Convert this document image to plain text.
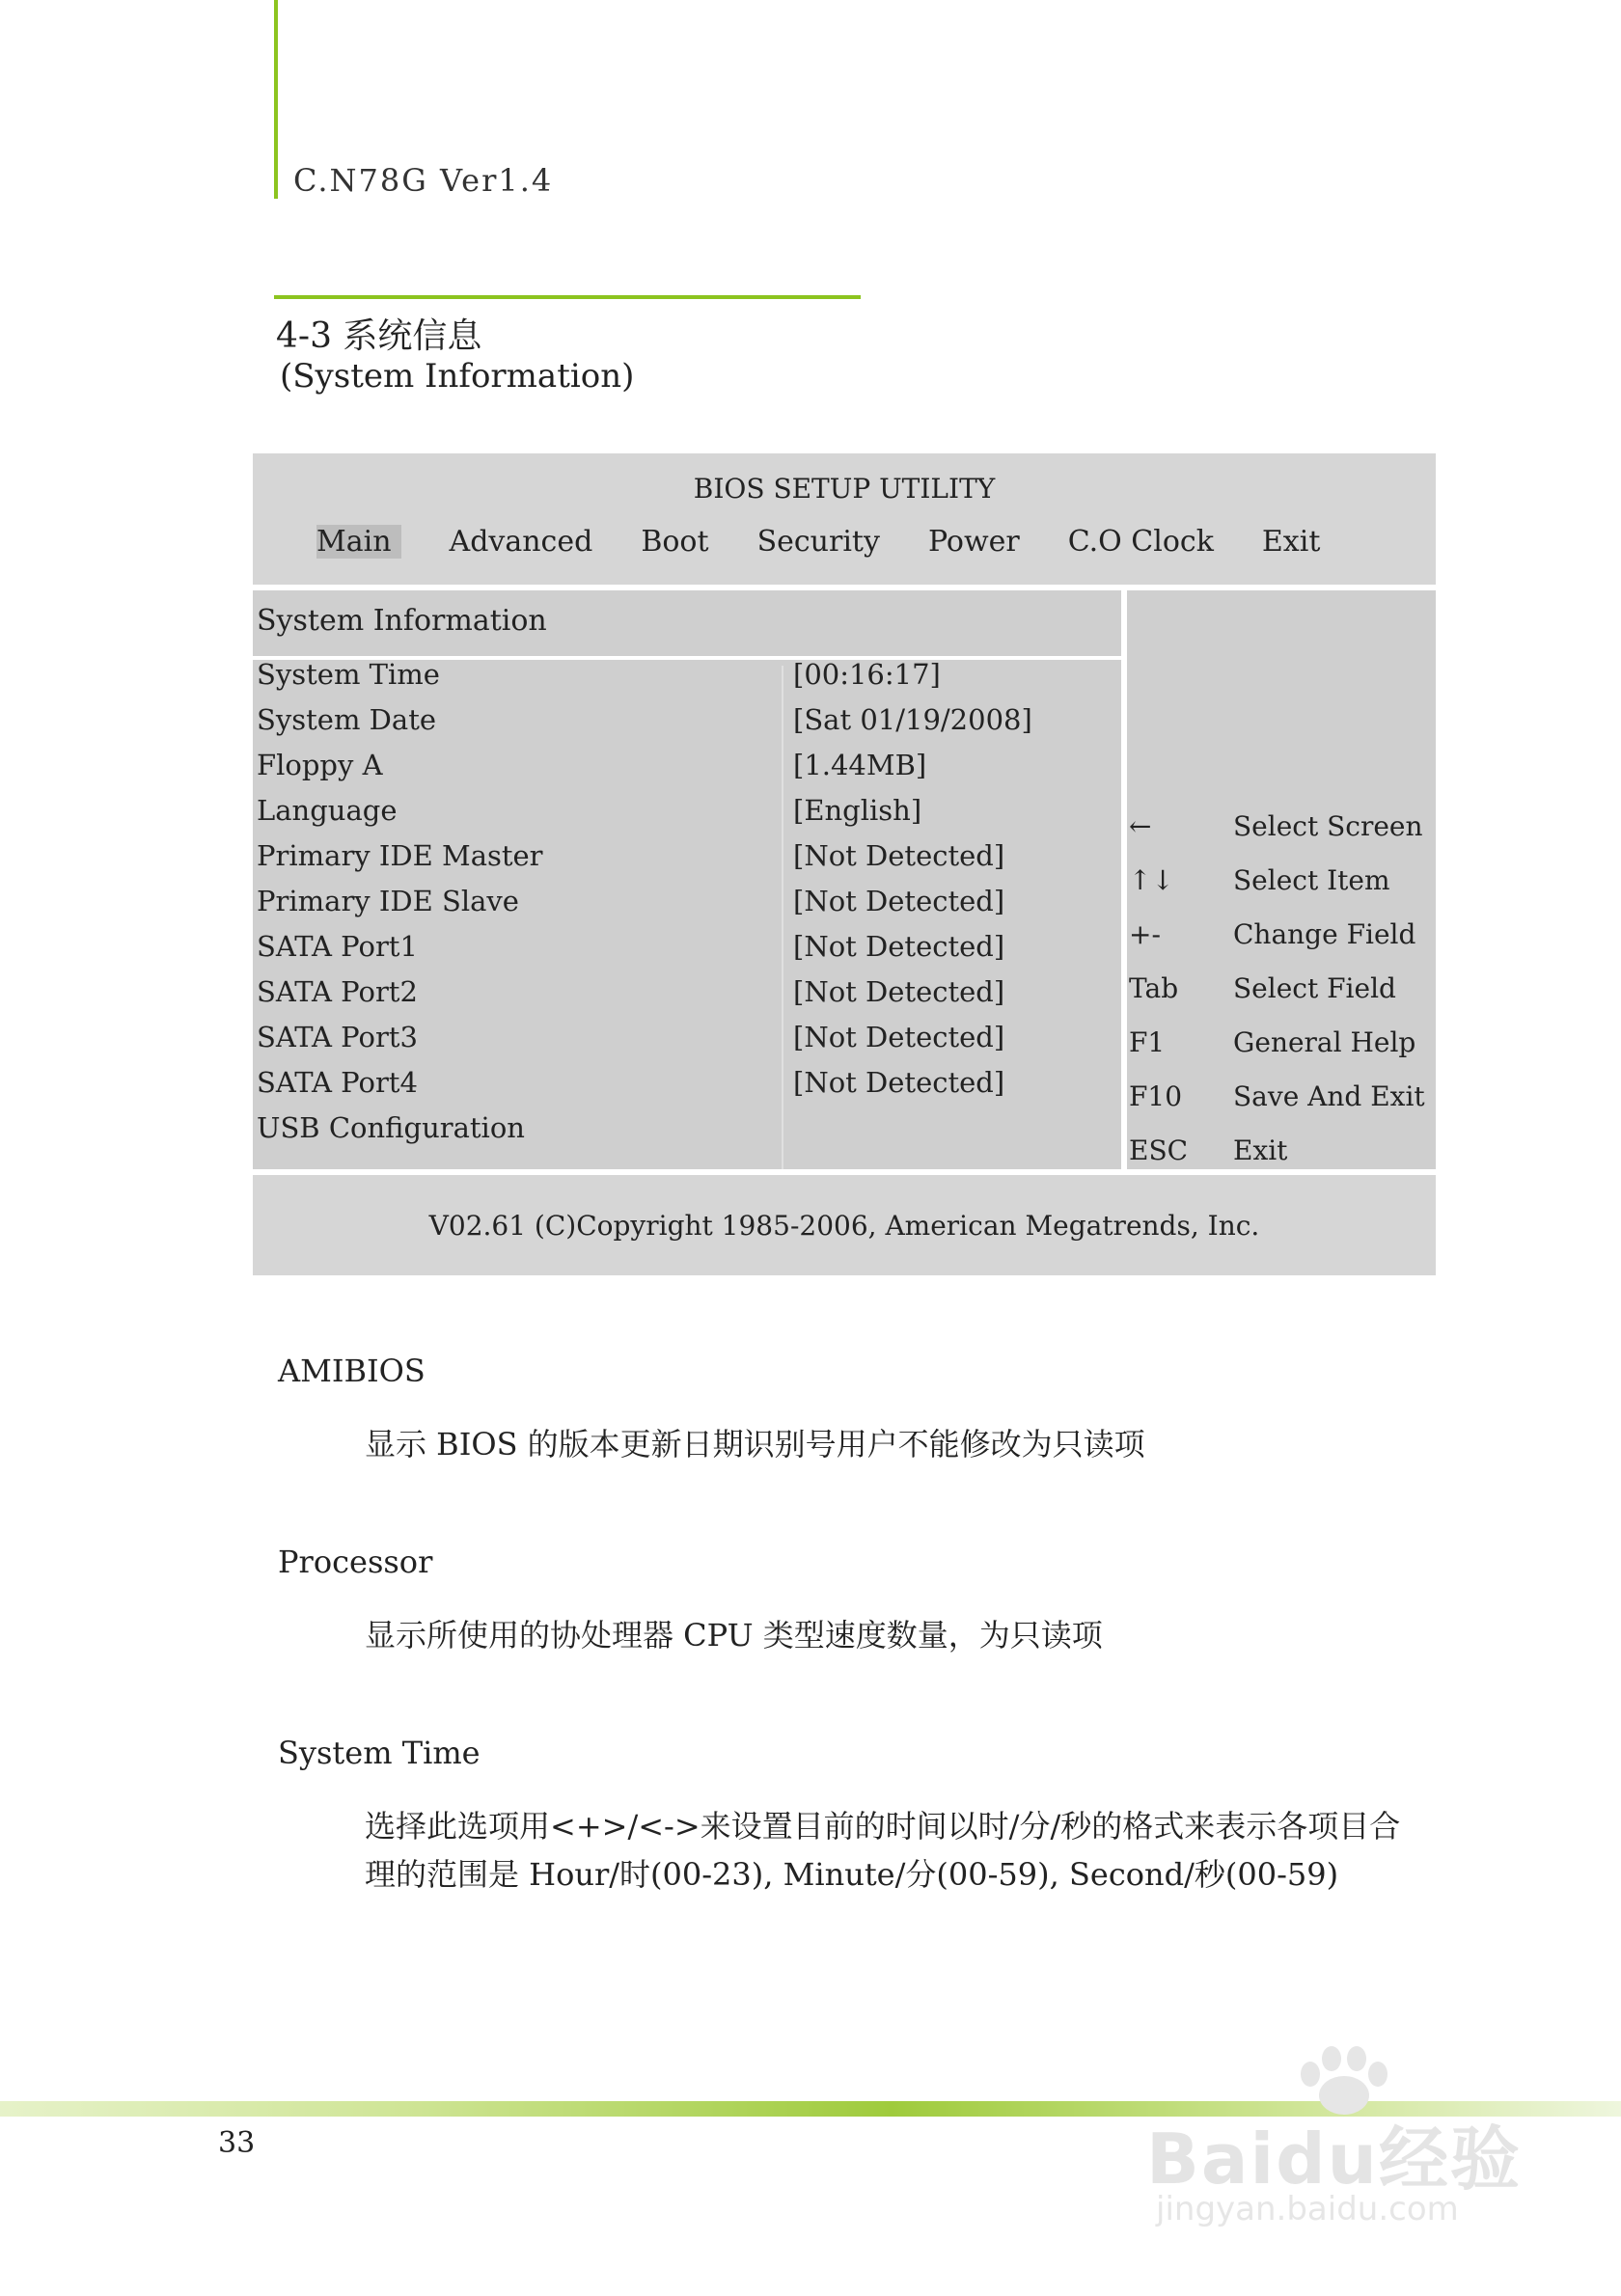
C.N78G Ver1.4
4-3 系统信息
(System Information)
BIOS SETUP UTILITY
Main	Advanced Boot Security Power C.O Clock Exit
System Information
System Time	[00:16:17]
System Date	[Sat 01/19/2008]
Floppy A	[1.44MB]
Language	[English]
Primary IDE Master	[Not Detected]
Primary IDE Slave	[Not Detected]
SATA Port1	[Not Detected]
SATA Port2	[Not Detected]
SATA Port3	[Not Detected]
SATA Port4	[Not Detected]
USB Configuration
←	Select Screen
↑↓ Select Item
+-	Change Field
Tab Select Field
F1	General Help
F10 Save And Exit
ESC Exit
V02.61 (C)Copyright 1985-2006, American Megatrends, Inc.
AMIBIOS
显示 BIOS 的版本更新日期识别号用户不能修改为只读项
Processor
显示所使用的协处理器 CPU 类型速度数量，为只读项
System Time
选择此选项用<+>/<->来设置目前的时间以时/分/秒的格式来表示各项目合理的范围是 Hour/时(00-23), Minute/分(00-59), Second/秒(00-59)
33	Baidu经验
jingyan.baidu.com
